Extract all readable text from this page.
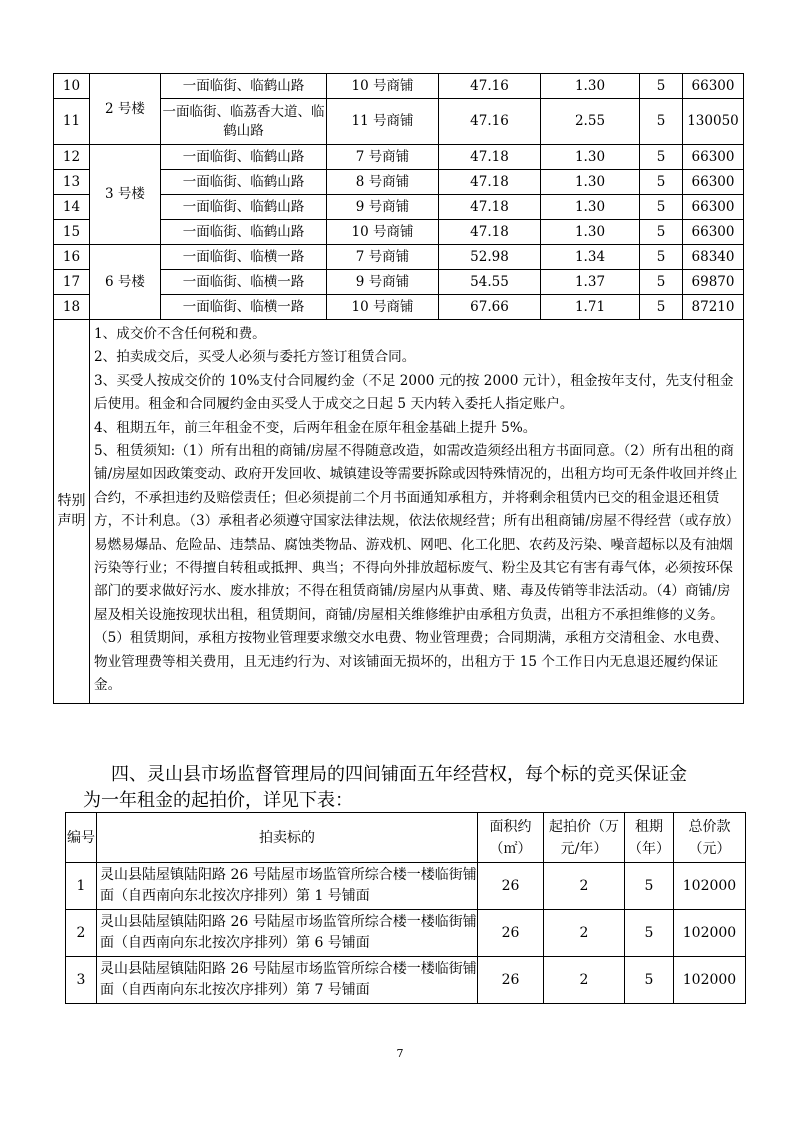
10	2 号楼	一面临街、临鹤山路	10 号商铺	47.16	1.30	5	66300
11		一面临街、临荔香大道、临鹤山路	11 号商铺	47.16	2.55	5	130050
12	3 号楼	一面临街、临鹤山路	7 号商铺	47.18	1.30	5	66300
13		一面临街、临鹤山路	8 号商铺	47.18	1.30	5	66300
14		一面临街、临鹤山路	9 号商铺	47.18	1.30	5	66300
15		一面临街、临鹤山路	10 号商铺	47.18	1.30	5	66300
16	6 号楼	一面临街、临横一路	7 号商铺	52.98	1.34	5	68340
17		一面临街、临横一路	9 号商铺	54.55	1.37	5	69870
18		一面临街、临横一路	10 号商铺	67.66	1.71	5	87210
特别声明	1、成交价不含任何税和费。
2、拍卖成交后，买受人必须与委托方签订租赁合同。
3、买受人按成交价的 10%支付合同履约金（不足 2000 元的按 2000 元计），租金按年支付，先支付租金后使用。租金和合同履约金由买受人于成交之日起 5 天内转入委托人指定账户。
4、租期五年，前三年租金不变，后两年租金在原年租金基础上提升 5%。
5、租赁须知:（1）所有出租的商铺/房屋不得随意改造，如需改造须经出租方书面同意。（2）所有出租的商铺/房屋如因政策变动、政府开发回收、城镇建设等需要拆除或因特殊情况的，出租方均可无条件收回并终止合约，不承担违约及赔偿责任；但必须提前二个月书面通知承租方，并将剩余租赁内已交的租金退还租赁方，不计利息。（3）承租者必须遵守国家法律法规，依法依规经营；所有出租商铺/房屋不得经营（或存放）易燃易爆品、危险品、违禁品、腐蚀类物品、游戏机、网吧、化工化肥、农药及污染、噪音超标以及有油烟污染等行业；不得擅自转租或抵押、典当；不得向外排放超标废气、粉尘及其它有害有毒气体，必须按环保部门的要求做好污水、废水排放；不得在租赁商铺/房屋内从事黄、赌、毒及传销等非法活动。（4）商铺/房屋及相关设施按现状出租，租赁期间，商铺/房屋相关维修维护由承租方负责，出租方不承担维修的义务。（5）租赁期间，承租方按物业管理要求缴交水电费、物业管理费；合同期满，承租方交清租金、水电费、物业管理费等相关费用，且无违约行为、对该铺面无损坏的，出租方于 15 个工作日内无息退还履约保证金。						
四、灵山县市场监督管理局的四间铺面五年经营权，每个标的竞买保证金
为一年租金的起拍价，详见下表：
编号	拍卖标的	面积约（㎡）	起拍价（万元/年）	租期（年）	总价款（元）
1	灵山县陆屋镇陆阳路 26 号陆屋市场监管所综合楼一楼临街铺面（自西南向东北按次序排列）第 1 号铺面	26	2	5	102000
2	灵山县陆屋镇陆阳路 26 号陆屋市场监管所综合楼一楼临街铺面（自西南向东北按次序排列）第 6 号铺面	26	2	5	102000
3	灵山县陆屋镇陆阳路 26 号陆屋市场监管所综合楼一楼临街铺面（自西南向东北按次序排列）第 7 号铺面	26	2	5	102000
7
